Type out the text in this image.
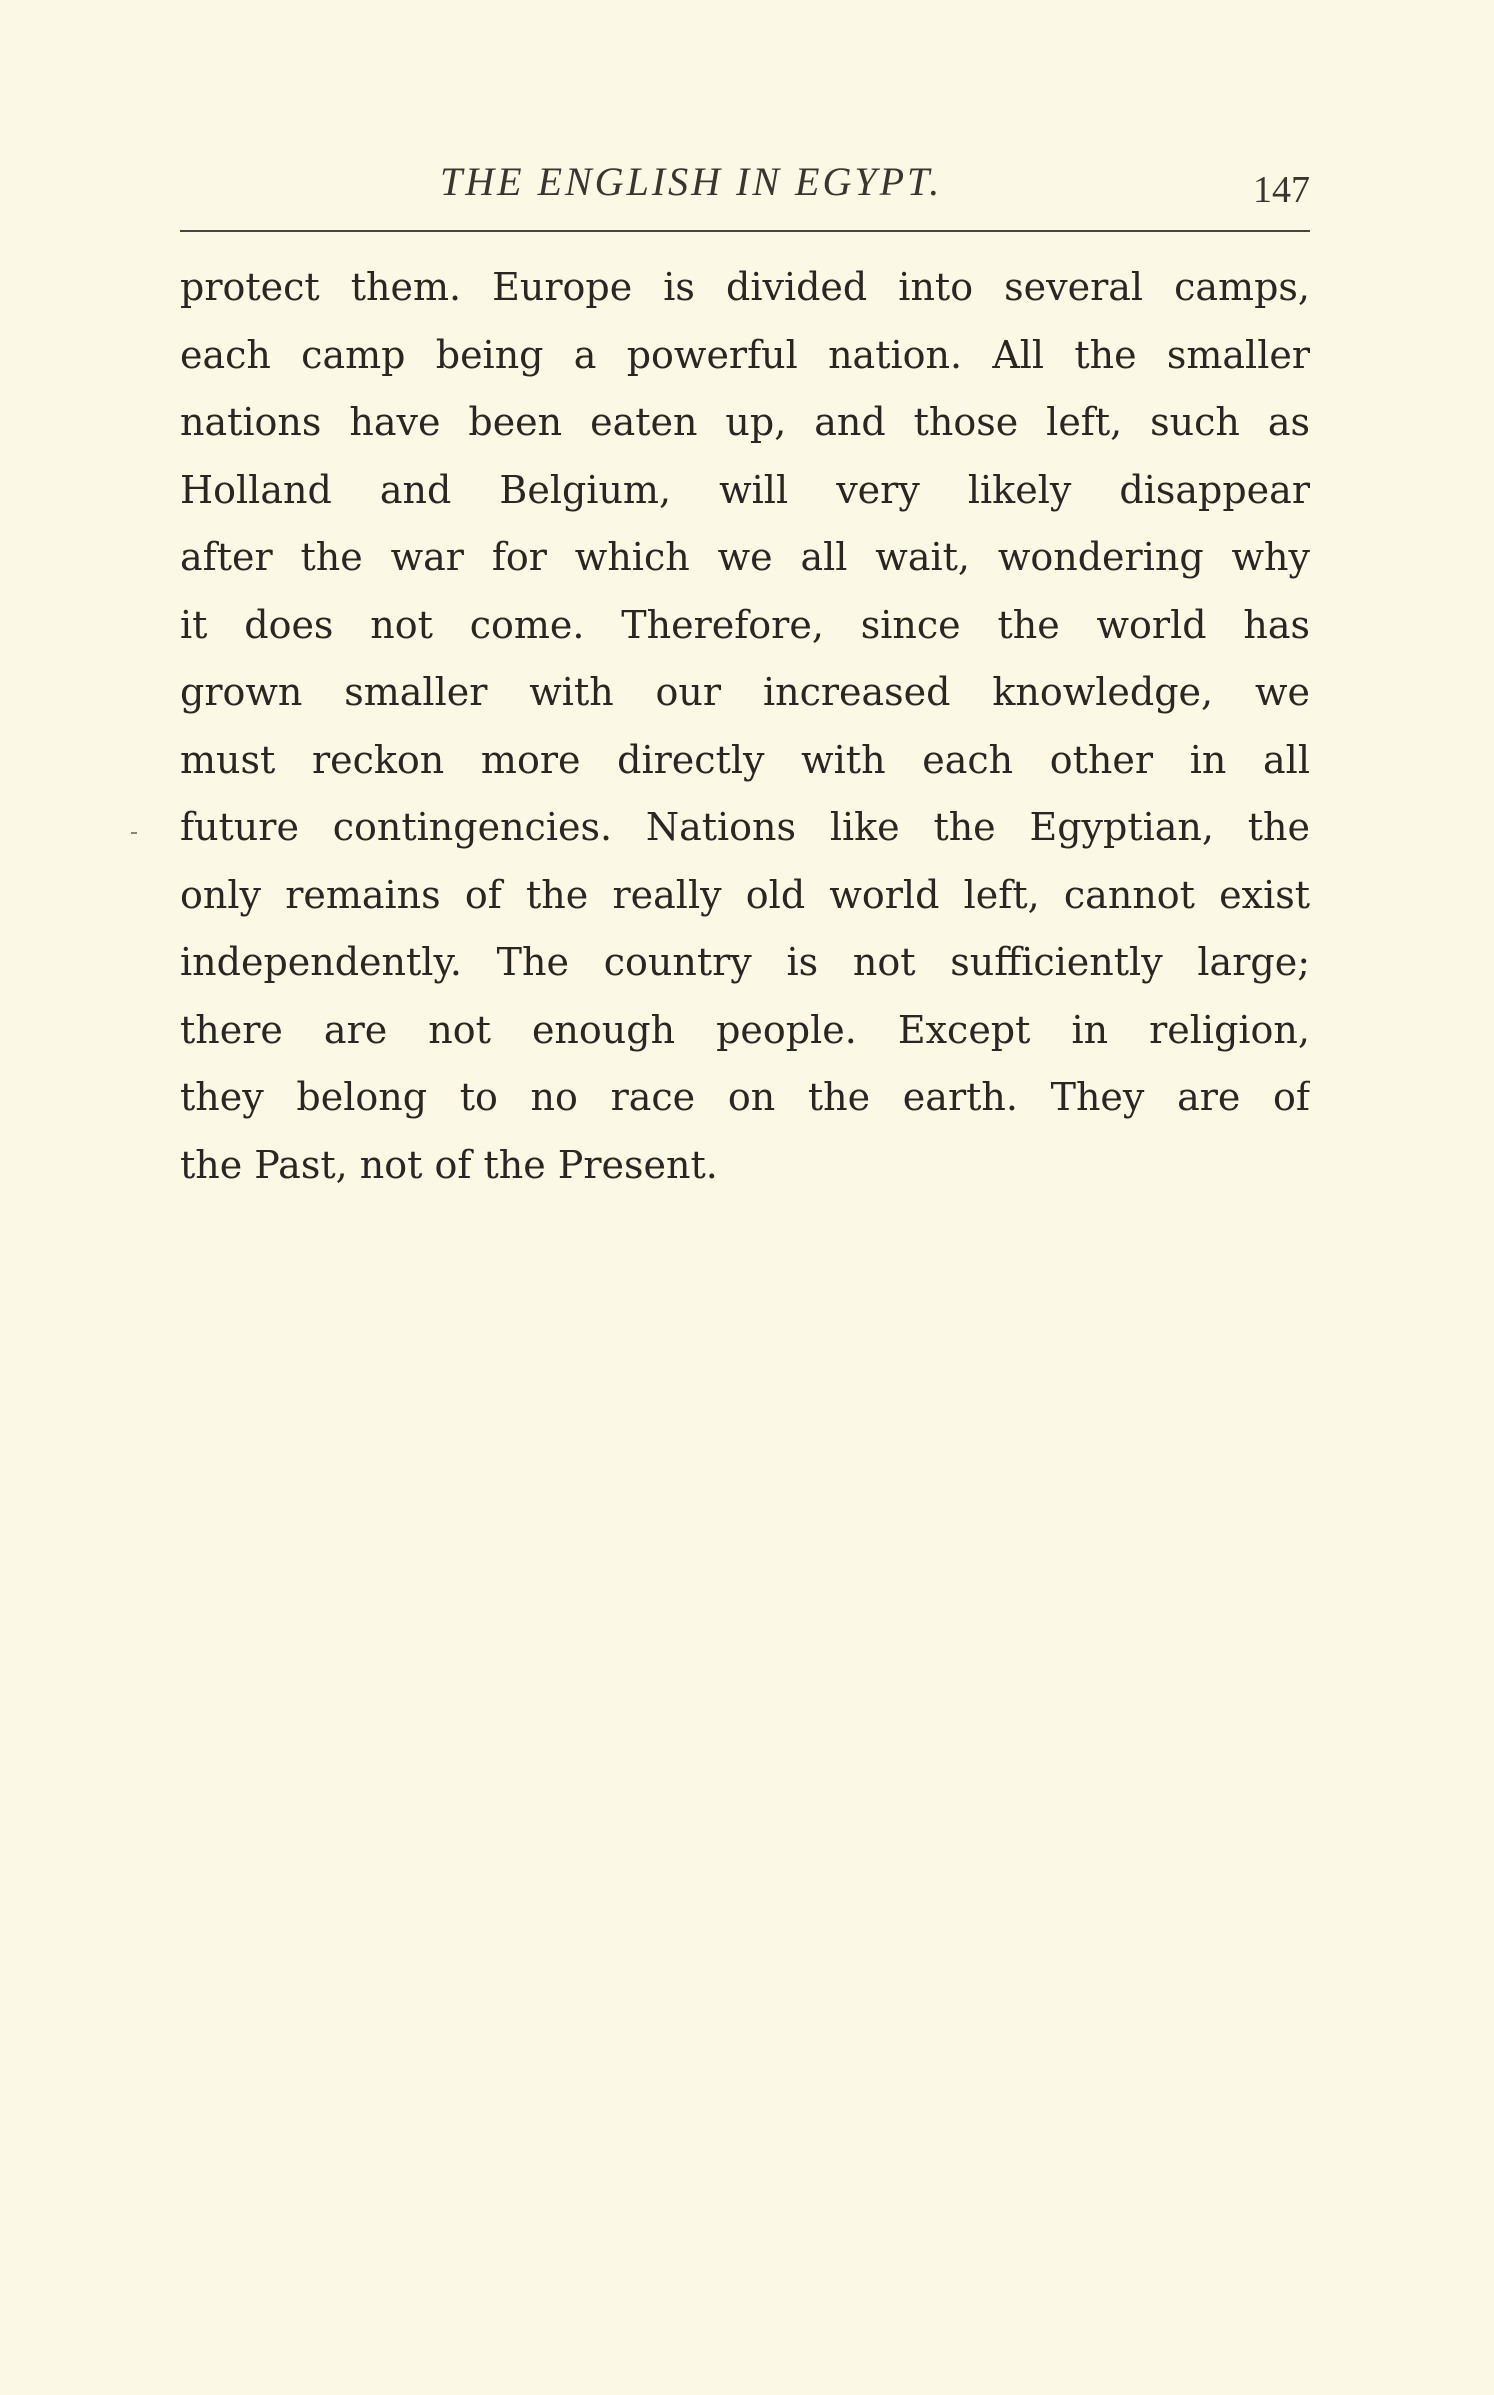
THE ENGLISH IN EGYPT.	147
protect them. Europe is divided into several camps,
each camp being a powerful nation. All the smaller
nations have been eaten up, and those left, such as
Holland and Belgium, will very likely disappear
after the war for which we all wait, wondering why
it does not come. Therefore, since the world has
grown smaller with our increased knowledge, we
must reckon more directly with each other in all
future contingencies. Nations like the Egyptian, the
only remains of the really old world left, cannot exist
independently. The country is not sufficiently large;
there are not enough people. Except in religion,
they belong to no race on the earth. They are of
the Past, not of the Present.
